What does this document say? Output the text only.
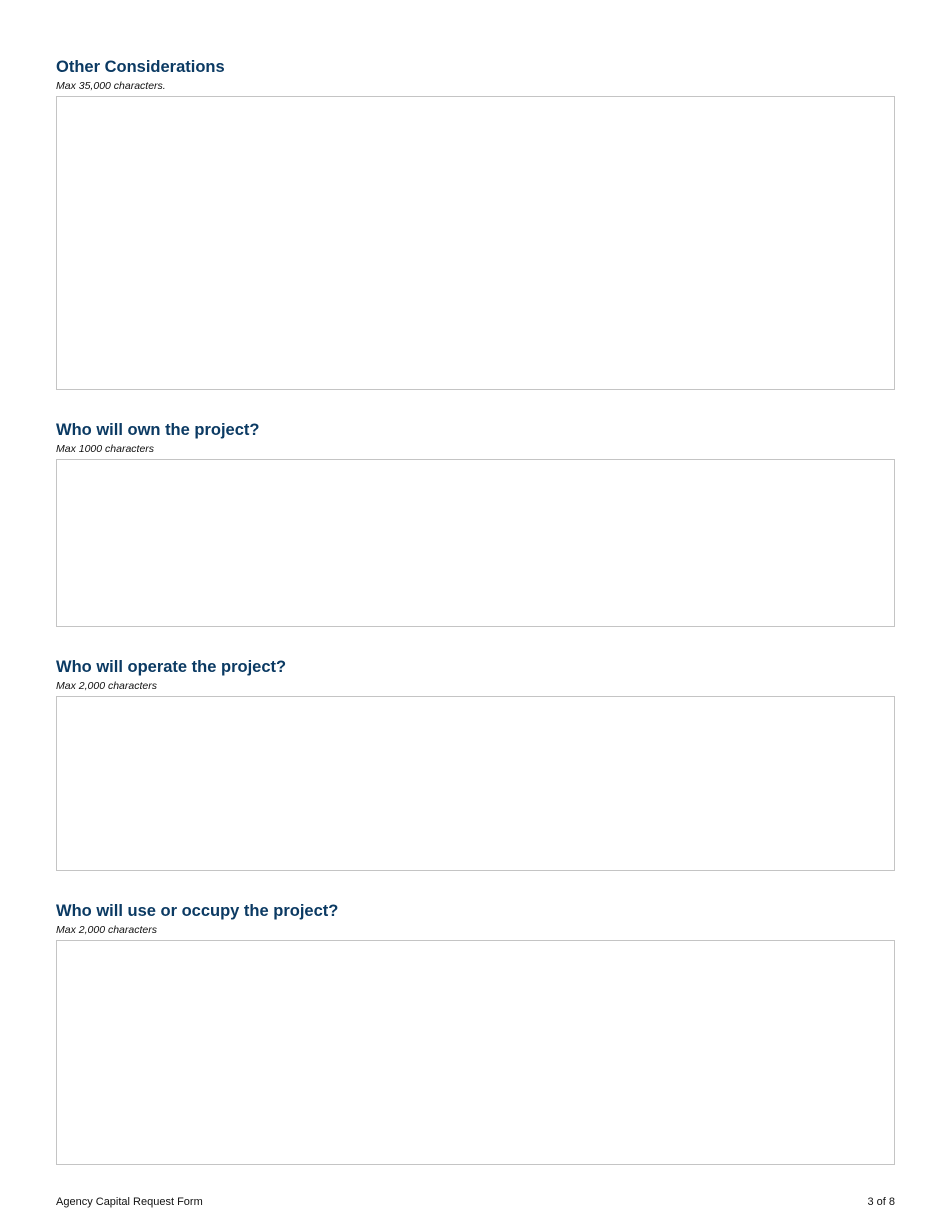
Other Considerations

Max 35,000 characters.

Who will own the project?

Max 1000 characters

Who will operate the project?

Max 2,000 characters

Who will use or occupy the project?

Max 2,000 characters

Agency Capital Request Form	3 of 8
